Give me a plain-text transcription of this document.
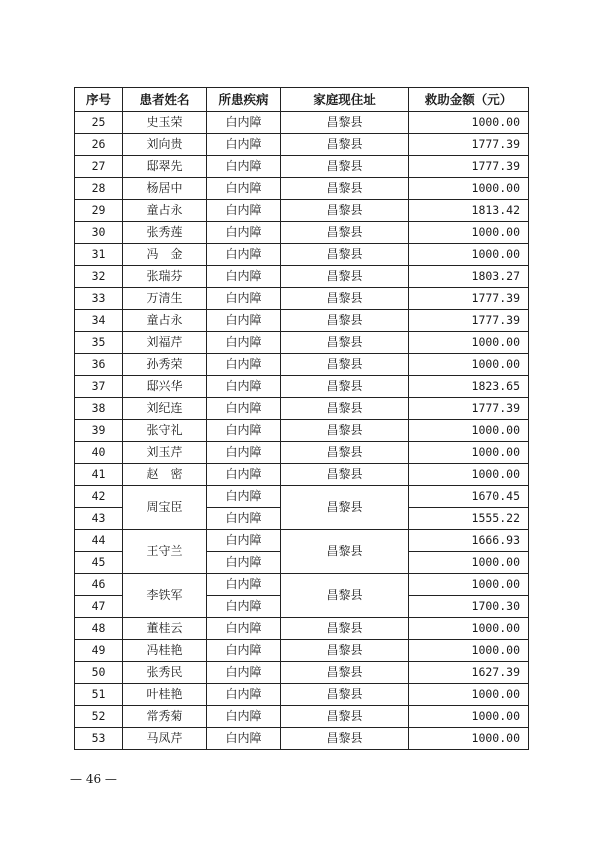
序号	患者姓名	所患疾病	家庭现住址	救助金额（元）
25	史玉荣	白内障	昌黎县	1000.00
26	刘向贵	白内障	昌黎县	1777.39
27	邸翠先	白内障	昌黎县	1777.39
28	杨居中	白内障	昌黎县	1000.00
29	童占永	白内障	昌黎县	1813.42
30	张秀莲	白内障	昌黎县	1000.00
31	冯　金	白内障	昌黎县	1000.00
32	张瑞芬	白内障	昌黎县	1803.27
33	万清生	白内障	昌黎县	1777.39
34	童占永	白内障	昌黎县	1777.39
35	刘福芹	白内障	昌黎县	1000.00
36	孙秀荣	白内障	昌黎县	1000.00
37	邸兴华	白内障	昌黎县	1823.65
38	刘纪连	白内障	昌黎县	1777.39
39	张守礼	白内障	昌黎县	1000.00
40	刘玉芹	白内障	昌黎县	1000.00
41	赵　密	白内障	昌黎县	1000.00
42	周宝臣	白内障	昌黎县	1670.45
43		白内障		1555.22
44	王守兰	白内障	昌黎县	1666.93
45		白内障		1000.00
46	李铁军	白内障	昌黎县	1000.00
47		白内障		1700.30
48	董桂云	白内障	昌黎县	1000.00
49	冯桂艳	白内障	昌黎县	1000.00
50	张秀民	白内障	昌黎县	1627.39
51	叶桂艳	白内障	昌黎县	1000.00
52	常秀菊	白内障	昌黎县	1000.00
53	马凤芹	白内障	昌黎县	1000.00
— 46 —
